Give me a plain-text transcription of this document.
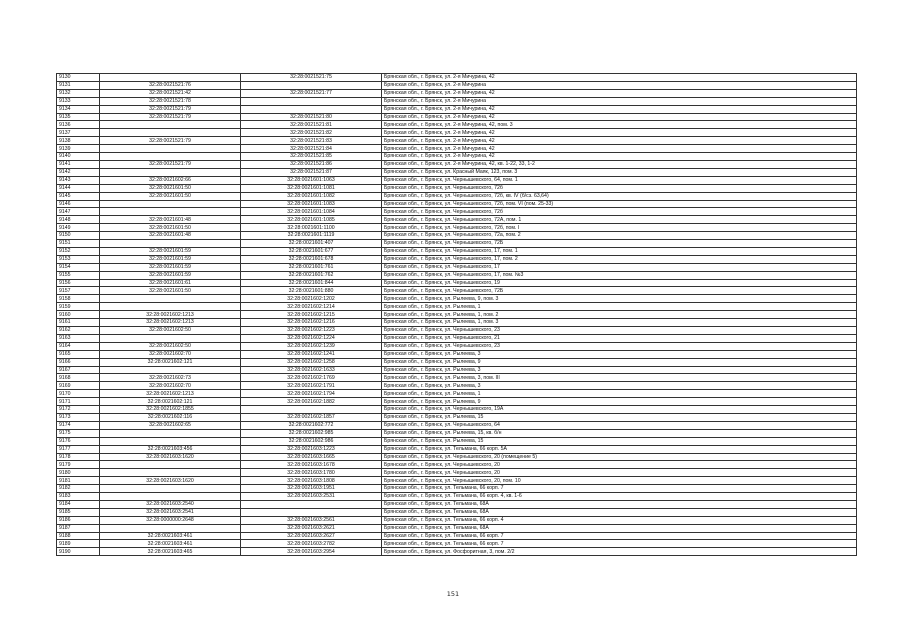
9130		32:28:0021521:75	Брянская обл., г. Брянск, ул. 2-я Мичурина, 42
9131	32:28:0021521:76		Брянская обл., г. Брянск, ул. 2-я Мичурина
9132	32:28:0021521:42	32:28:0021521:77	Брянская обл., г. Брянск, ул. 2-я Мичурина, 42
9133	32:28:0021521:78		Брянская обл., г. Брянск, ул. 2-я Мичурина
9134	32:28:0021521:79		Брянская обл., г. Брянск, ул. 2-я Мичурина, 42
9135	32:28:0021521:79	32:28:0021521:80	Брянская обл., г. Брянск, ул. 2-я Мичурина, 42
9136		32:28:0021521:81	Брянская обл., г. Брянск, ул. 2-я Мичурина, 42, пом. 3
9137		32:28:0021521:82	Брянская обл., г. Брянск, ул. 2-я Мичурина, 42
9138	32:28:0021521:79	32:28:0021521:83	Брянская обл., г. Брянск, ул. 2-я Мичурина, 42
9139		32:28:0021521:84	Брянская обл., г. Брянск, ул. 2-я Мичурина, 42
9140		32:28:0021521:85	Брянская обл., г. Брянск, ул. 2-я Мичурина, 42
9141	32:28:0021521:79	32:28:0021521:86	Брянская обл., г. Брянск, ул. 2-я Мичурина, 42, кв. 1-22, 33, 1-2
9142		32:28:0021521:87	Брянская обл., г. Брянск, ул. Красный Маяк, 123, пом. 3
9143	32:28:0021602:66	32:28:0021601:1063	Брянская обл., г. Брянск, ул. Чернышевского, 64, пом. 1
9144	32:28:0021601:50	32:28:0021601:1081	Брянская обл., г. Брянск, ул. Чернышевского, 72б
9145	32:28:0021601:50	32:28:0021601:1082	Брянская обл., г. Брянск, ул. Чернышевского, 72б, кв. IV (б/сз. 63,64)
9146		32:28:0021601:1083	Брянская обл., г. Брянск, ул. Чернышевского, 72б, пом. VI (пом. 25-33)
9147		32:28:0021601:1084	Брянская обл., г. Брянск, ул. Чернышевского, 72б
9148	32:28:0021601:48	32:28:0021601:1085	Брянская обл., г. Брянск, ул. Чернышевского, 72А, пом. 1
9149	32:28:0021601:50	32:28:0021601:1100	Брянская обл., г. Брянск, ул. Чернышевского, 72б, пом. I
9150	32:28:0021601:48	32:28:0021601:1119	Брянская обл., г. Брянск, ул. Чернышевского, 72а, пом. 2
9151		32:28:0021601:407	Брянская обл., г. Брянск, ул. Чернышевского, 72Б
9152	32:28:0021601:59	32:28:0021601:677	Брянская обл., г. Брянск, ул. Чернышевского, 17, пом. 1
9153	32:28:0021601:59	32:28:0021601:678	Брянская обл., г. Брянск, ул. Чернышевского, 17, пом. 2
9154	32:28:0021601:59	32:28:0021601:761	Брянская обл., г. Брянск, ул. Чернышевского, 17
9155	32:28:0021601:59	32:28:0021601:762	Брянская обл., г. Брянск, ул. Чернышевского, 17, пом. №3
9156	32:28:0021601:61	32:28:0021601:844	Брянская обл., г. Брянск, ул. Чернышевского, 19
9157	32:28:0021601:50	32:28:0021601:880	Брянская обл., г. Брянск, ул. Чернышевского, 72Б
9158		32:28:0021602:1202	Брянская обл., г. Брянск, ул. Рылеева, 9, пом. 3
9159		32:28:0021602:1214	Брянская обл., г. Брянск, ул. Рылеева, 1
9160	32:28:0021602:1213	32:28:0021602:1215	Брянская обл., г. Брянск, ул. Рылеева, 1, пом. 2
9161	32:28:0021602:1213	32:28:0021602:1216	Брянская обл., г. Брянск, ул. Рылеева, 1, пом. 3
9162	32:28:0021602:50	32:28:0021602:1223	Брянская обл., г. Брянск, ул. Чернышевского, 23
9163		32:28:0021602:1224	Брянская обл., г. Брянск, ул. Чернышевского, 21
9164	32:28:0021602:50	32:28:0021602:1239	Брянская обл., г. Брянск, ул. Чернышевского, 23
9165	32:28:0021602:70	32:28:0021602:1241	Брянская обл., г. Брянск, ул. Рылеева, 3
9166	32:28:0021602:121	32:28:0021602:1258	Брянская обл., г. Брянск, ул. Рылеева, 9
9167		32:28:0021602:1633	Брянская обл., г. Брянск, ул. Рылеева, 3
9168	32:28:0021602:73	32:28:0021602:1769	Брянская обл., г. Брянск, ул. Рылеева, 3, пом. III
9169	32:28:0021602:70	32:28:0021602:1791	Брянская обл., г. Брянск, ул. Рылеева, 3
9170	32:28:0021602:1213	32:28:0021602:1794	Брянская обл., г. Брянск, ул. Рылеева, 1
9171	32:28:0021602:121	32:28:0021602:1882	Брянская обл., г. Брянск, ул. Рылеева, 9
9172	32:28:0021602:1855		Брянская обл., г. Брянск, ул. Чернышевского, 19А
9173	32:28:0021602:116	32:28:0021602:1857	Брянская обл., г. Брянск, ул. Рылеева, 15
9174	32:28:0021602:65	32:28:0021602:772	Брянская обл., г. Брянск, ул. Чернышевского, 64
9175		32:28:0021602:985	Брянская обл., г. Брянск, ул. Рылеева, 15, кв. б/н
9176		32:28:0021602:986	Брянская обл., г. Брянск, ул. Рылеева, 15
9177	32:28:0021603:456	32:28:0021603:1223	Брянская обл., г. Брянск, ул. Тельмана, 66 корп. 5А
9178	32:28:0021603:1620	32:28:0021603:1665	Брянская обл., г. Брянск, ул. Чернышевского, 20 (помещение 5)
9179		32:28:0021603:1678	Брянская обл., г. Брянск, ул. Чернышевского, 20
9180		32:28:0021603:1780	Брянская обл., г. Брянск, ул. Чернышевского, 20
9181	32:28:0021603:1620	32:28:0021603:1808	Брянская обл., г. Брянск, ул. Чернышевского, 20, пом. 10
9182		32:28:0021603:1951	Брянская обл., г. Брянск, ул. Тельмана, 66 корп. 7
9183		32:28:0021603:2531	Брянская обл., г. Брянск, ул. Тельмана, 66 корп. 4, кв. 1-6
9184	32:28:0021603:2540		Брянская обл., г. Брянск, ул. Тельмана, 68А
9185	32:28:0021603:2541		Брянская обл., г. Брянск, ул. Тельмана, 68А
9186	32:28:0000000:2648	32:28:0021603:2561	Брянская обл., г. Брянск, ул. Тельмана, 66 корп. 4
9187		32:28:0021603:2621	Брянская обл., г. Брянск, ул. Тельмана, 68А
9188	32:28:0021603:461	32:28:0021603:2627	Брянская обл., г. Брянск, ул. Тельмана, 66 корп. 7
9189	32:28:0021603:461	32:28:0021603:2782	Брянская обл., г. Брянск, ул. Тельмана, 66 корп. 7
9190	32:28:0021603:465	32:28:0021603:2954	Брянская обл., г. Брянск, ул. Фосфоритная, 3, пом. 2/2
151
